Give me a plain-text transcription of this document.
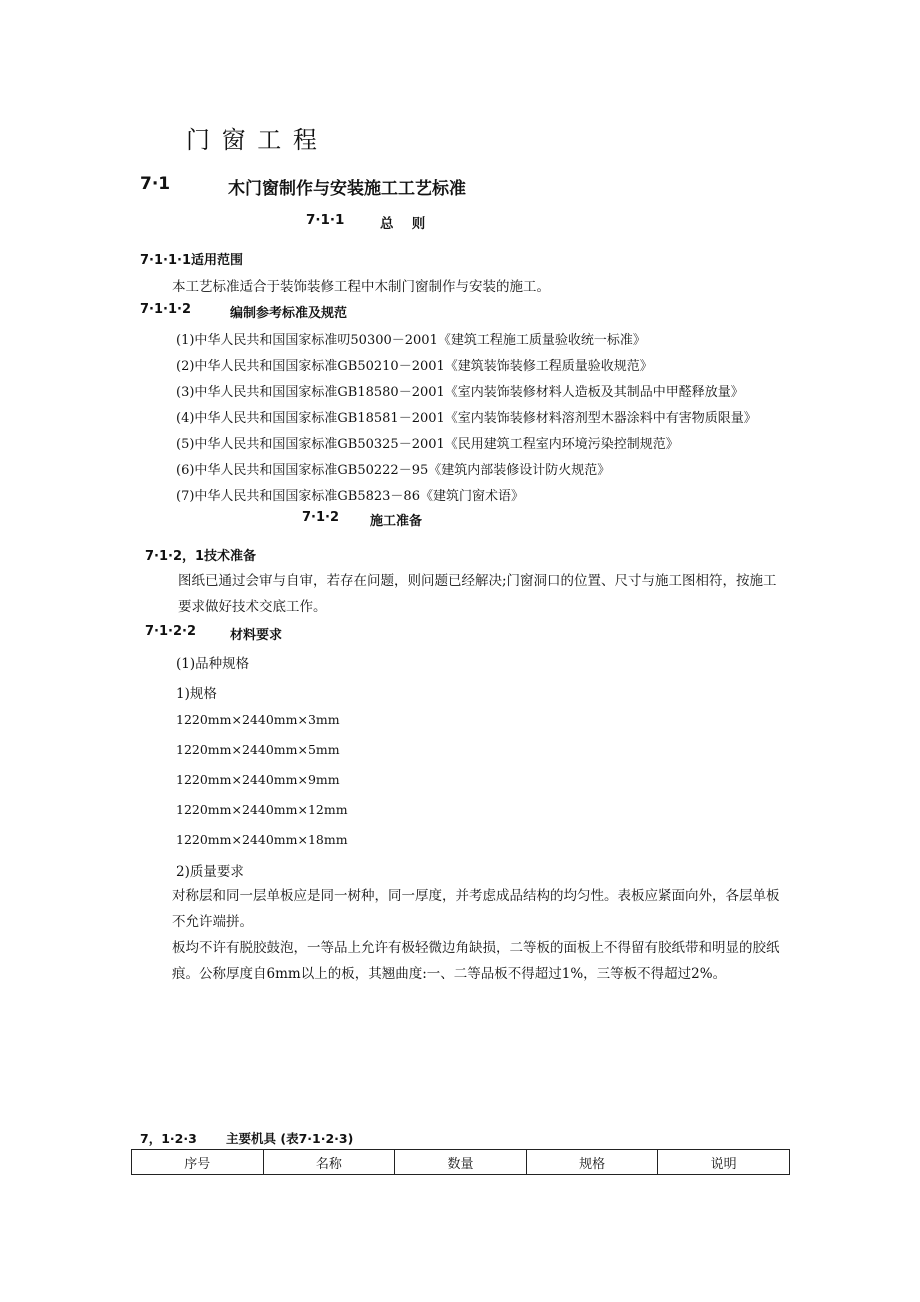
门 窗 工 程
7·1	木门窗制作与安装施工工艺标准
7·1·1	总　 则
7·1·1·1适用范围
本工艺标准适合于装饰装修工程中木制门窗制作与安装的施工。
7·1·1·2	编制参考标准及规范
(1)中华人民共和国国家标准叨50300－2001《建筑工程施工质量验收统一标准》
(2)中华人民共和国国家标准GB50210－2001《建筑装饰装修工程质量验收规范》
(3)中华人民共和国国家标准GB18580－2001《室内装饰装修材料人造板及其制品中甲醛释放量》
(4)中华人民共和国国家标准GB18581－2001《室内装饰装修材料溶剂型木器涂料中有害物质限量》
(5)中华人民共和国国家标准GB50325－2001《民用建筑工程室内环境污染控制规范》
(6)中华人民共和国国家标准GB50222－95《建筑内部装修设计防火规范》
(7)中华人民共和国国家标准GB5823－86《建筑门窗术语》
7·1·2 施工准备
7·1·2，1技术准备
图纸已通过会审与自审，若存在问题，则问题已经解决;门窗洞口的位置、尺寸与施工图相符，按施工要求做好技术交底工作。
7·1·2·2	材料要求
(1)品种规格
1)规格
1220mm×2440mm×3mm
1220mm×2440mm×5mm
1220mm×2440mm×9mm
1220mm×2440mm×12mm
1220mm×2440mm×18mm
2)质量要求
对称层和同一层单板应是同一树种，同一厚度，并考虑成品结构的均匀性。表板应紧面向外，各层单板不允许端拼。
板均不许有脱胶鼓泡，一等品上允许有极轻微边角缺损，二等板的面板上不得留有胶纸带和明显的胶纸痕。公称厚度自6mm以上的板，其翘曲度:一、二等品板不得超过1%，三等板不得超过2%。
7，1·2·3 主要机具 (表7·1·2·3)
序号	名称	数量	规格	说明
